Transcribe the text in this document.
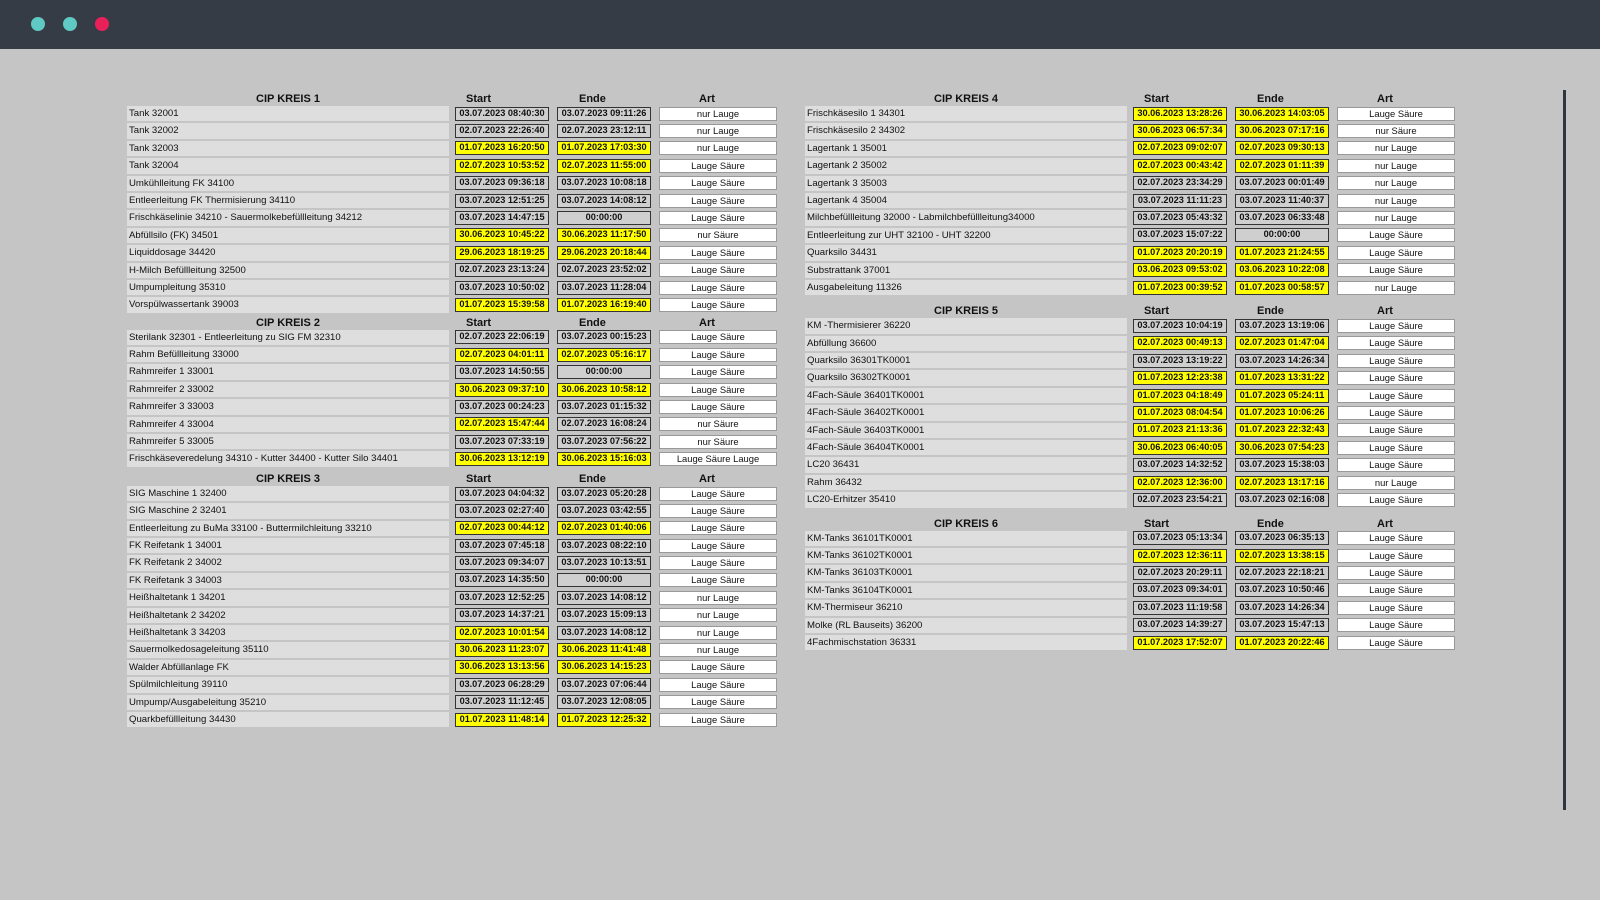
CIP KREIS 1	Start	Ende	Art
Tank 32001	03.07.2023 08:40:30	03.07.2023 09:11:26	nur Lauge
Tank 32002	02.07.2023 22:26:40	02.07.2023 23:12:11	nur Lauge
Tank 32003	01.07.2023 16:20:50	01.07.2023 17:03:30	nur Lauge
Tank 32004	02.07.2023 10:53:52	02.07.2023 11:55:00	Lauge Säure
Umkühlleitung FK 34100	03.07.2023 09:36:18	03.07.2023 10:08:18	Lauge Säure
Entleerleitung FK Thermisierung 34110	03.07.2023 12:51:25	03.07.2023 14:08:12	Lauge Säure
Frischkäselinie 34210 - Sauermolkebefüllleitung 34212	03.07.2023 14:47:15	00:00:00	Lauge Säure
Abfüllsilo (FK) 34501	30.06.2023 10:45:22	30.06.2023 11:17:50	nur Säure
Liquiddosage 34420	29.06.2023 18:19:25	29.06.2023 20:18:44	Lauge Säure
H-Milch Befüllleitung 32500	02.07.2023 23:13:24	02.07.2023 23:52:02	Lauge Säure
Umpumpleitung 35310	03.07.2023 10:50:02	03.07.2023 11:28:04	Lauge Säure
Vorspülwassertank 39003	01.07.2023 15:39:58	01.07.2023 16:19:40	Lauge Säure
CIP KREIS 2	Start	Ende	Art
Sterilank 32301 - Entleerleitung zu SIG FM 32310	02.07.2023 22:06:19	03.07.2023 00:15:23	Lauge Säure
Rahm Befüllleitung 33000	02.07.2023 04:01:11	02.07.2023 05:16:17	Lauge Säure
Rahmreifer 1 33001	03.07.2023 14:50:55	00:00:00	Lauge Säure
Rahmreifer 2 33002	30.06.2023 09:37:10	30.06.2023 10:58:12	Lauge Säure
Rahmreifer 3 33003	03.07.2023 00:24:23	03.07.2023 01:15:32	Lauge Säure
Rahmreifer 4 33004	02.07.2023 15:47:44	02.07.2023 16:08:24	nur Säure
Rahmreifer 5 33005	03.07.2023 07:33:19	03.07.2023 07:56:22	nur Säure
Frischkäseveredelung 34310 - Kutter 34400 - Kutter Silo 34401	30.06.2023 13:12:19	30.06.2023 15:16:03	Lauge Säure Lauge
CIP KREIS 3	Start	Ende	Art
SIG Maschine 1 32400	03.07.2023 04:04:32	03.07.2023 05:20:28	Lauge Säure
SIG Maschine 2 32401	03.07.2023 02:27:40	03.07.2023 03:42:55	Lauge Säure
Entleerleitung zu BuMa 33100 - Buttermilchleitung 33210	02.07.2023 00:44:12	02.07.2023 01:40:06	Lauge Säure
FK Reifetank 1 34001	03.07.2023 07:45:18	03.07.2023 08:22:10	Lauge Säure
FK Reifetank 2 34002	03.07.2023 09:34:07	03.07.2023 10:13:51	Lauge Säure
FK Reifetank 3 34003	03.07.2023 14:35:50	00:00:00	Lauge Säure
Heißhaltetank 1 34201	03.07.2023 12:52:25	03.07.2023 14:08:12	nur Lauge
Heißhaltetank 2 34202	03.07.2023 14:37:21	03.07.2023 15:09:13	nur Lauge
Heißhaltetank 3 34203	02.07.2023 10:01:54	03.07.2023 14:08:12	nur Lauge
Sauermolkedosageleitung 35110	30.06.2023 11:23:07	30.06.2023 11:41:48	nur Lauge
Walder Abfüllanlage FK	30.06.2023 13:13:56	30.06.2023 14:15:23	Lauge Säure
Spülmilchleitung 39110	03.07.2023 06:28:29	03.07.2023 07:06:44	Lauge Säure
Umpump/Ausgabeleitung 35210	03.07.2023 11:12:45	03.07.2023 12:08:05	Lauge Säure
Quarkbefüllleitung 34430	01.07.2023 11:48:14	01.07.2023 12:25:32	Lauge Säure
CIP KREIS 4	Start	Ende	Art
Frischkäsesilo 1 34301	30.06.2023 13:28:26	30.06.2023 14:03:05	Lauge Säure
Frischkäsesilo 2 34302	30.06.2023 06:57:34	30.06.2023 07:17:16	nur Säure
Lagertank 1 35001	02.07.2023 09:02:07	02.07.2023 09:30:13	nur Lauge
Lagertank 2 35002	02.07.2023 00:43:42	02.07.2023 01:11:39	nur Lauge
Lagertank 3 35003	02.07.2023 23:34:29	03.07.2023 00:01:49	nur Lauge
Lagertank 4 35004	03.07.2023 11:11:23	03.07.2023 11:40:37	nur Lauge
Milchbefüllleitung 32000 - Labmilchbefüllleitung34000	03.07.2023 05:43:32	03.07.2023 06:33:48	nur Lauge
Entleerleitung zur UHT 32100 - UHT 32200	03.07.2023 15:07:22	00:00:00	Lauge Säure
Quarksilo 34431	01.07.2023 20:20:19	01.07.2023 21:24:55	Lauge Säure
Substrattank 37001	03.06.2023 09:53:02	03.06.2023 10:22:08	Lauge Säure
Ausgabeleitung 11326	01.07.2023 00:39:52	01.07.2023 00:58:57	nur Lauge
CIP KREIS 5	Start	Ende	Art
KM -Thermisierer 36220	03.07.2023 10:04:19	03.07.2023 13:19:06	Lauge Säure
Abfüllung 36600	02.07.2023 00:49:13	02.07.2023 01:47:04	Lauge Säure
Quarksilo 36301TK0001	03.07.2023 13:19:22	03.07.2023 14:26:34	Lauge Säure
Quarksilo 36302TK0001	01.07.2023 12:23:38	01.07.2023 13:31:22	Lauge Säure
4Fach-Säule 36401TK0001	01.07.2023 04:18:49	01.07.2023 05:24:11	Lauge Säure
4Fach-Säule 36402TK0001	01.07.2023 08:04:54	01.07.2023 10:06:26	Lauge Säure
4Fach-Säule 36403TK0001	01.07.2023 21:13:36	01.07.2023 22:32:43	Lauge Säure
4Fach-Säule 36404TK0001	30.06.2023 06:40:05	30.06.2023 07:54:23	Lauge Säure
LC20 36431	03.07.2023 14:32:52	03.07.2023 15:38:03	Lauge Säure
Rahm 36432	02.07.2023 12:36:00	02.07.2023 13:17:16	nur Lauge
LC20-Erhitzer 35410	02.07.2023 23:54:21	03.07.2023 02:16:08	Lauge Säure
CIP KREIS 6	Start	Ende	Art
KM-Tanks 36101TK0001	03.07.2023 05:13:34	03.07.2023 06:35:13	Lauge Säure
KM-Tanks 36102TK0001	02.07.2023 12:36:11	02.07.2023 13:38:15	Lauge Säure
KM-Tanks 36103TK0001	02.07.2023 20:29:11	02.07.2023 22:18:21	Lauge Säure
KM-Tanks 36104TK0001	03.07.2023 09:34:01	03.07.2023 10:50:46	Lauge Säure
KM-Thermiseur 36210	03.07.2023 11:19:58	03.07.2023 14:26:34	Lauge Säure
Molke (RL Bauseits) 36200	03.07.2023 14:39:27	03.07.2023 15:47:13	Lauge Säure
4Fachmischstation 36331	01.07.2023 17:52:07	01.07.2023 20:22:46	Lauge Säure
